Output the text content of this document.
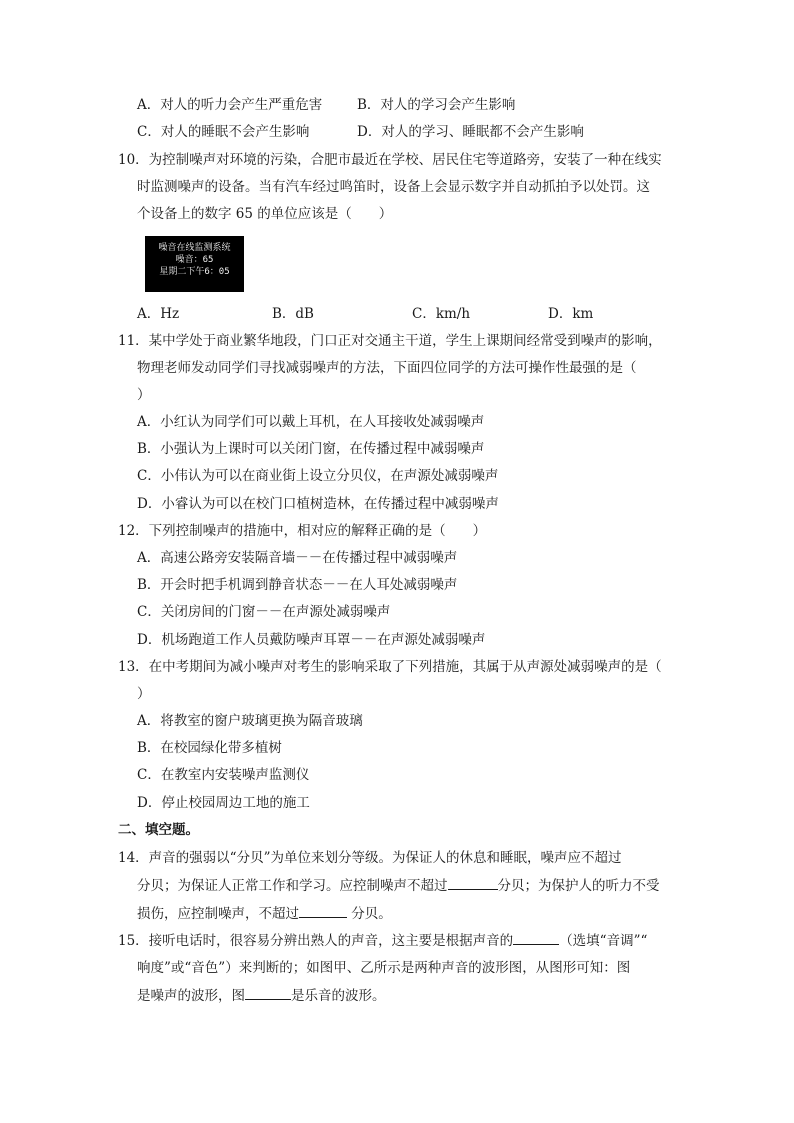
A．对人的听力会产生严重危害	B．对人的学习会产生影响
C．对人的睡眠不会产生影响	D．对人的学习、睡眠都不会产生影响
10．为控制噪声对环境的污染，合肥市最近在学校、居民住宅等道路旁，安装了一种在线实
时监测噪声的设备。当有汽车经过鸣笛时，设备上会显示数字并自动抓拍予以处罚。这
个设备上的数字 65 的单位应该是（　　）
噪音在线监测系统
噪音：65
星期二下午6：05
A．Hz	B．dB	C．km/h	D．km
11．某中学处于商业繁华地段，门口正对交通主干道，学生上课期间经常受到噪声的影响，
物理老师发动同学们寻找减弱噪声的方法，下面四位同学的方法可操作性最强的是（
）
A．小红认为同学们可以戴上耳机，在人耳接收处减弱噪声
B．小强认为上课时可以关闭门窗，在传播过程中减弱噪声
C．小伟认为可以在商业街上设立分贝仪，在声源处减弱噪声
D．小睿认为可以在校门口植树造林，在传播过程中减弱噪声
12．下列控制噪声的措施中，相对应的解释正确的是（　　）
A．高速公路旁安装隔音墙－－在传播过程中减弱噪声
B．开会时把手机调到静音状态－－在人耳处减弱噪声
C．关闭房间的门窗－－在声源处减弱噪声
D．机场跑道工作人员戴防噪声耳罩－－在声源处减弱噪声
13．在中考期间为减小噪声对考生的影响采取了下列措施，其属于从声源处减弱噪声的是（
）
A．将教室的窗户玻璃更换为隔音玻璃
B．在校园绿化带多植树
C．在教室内安装噪声监测仪
D．停止校园周边工地的施工
二、填空题。
14．声音的强弱以“分贝”为单位来划分等级。为保证人的休息和睡眠，噪声应不超过
分贝；为保证人正常工作和学习。应控制噪声不超过	分贝；为保护人的听力不受
损伤，应控制噪声，不超过	分贝。
15．接听电话时，很容易分辨出熟人的声音，这主要是根据声音的	（选填“音调”“
响度”或“音色”）来判断的；如图甲、乙所示是两种声音的波形图，从图形可知：图
是噪声的波形，图	是乐音的波形。
